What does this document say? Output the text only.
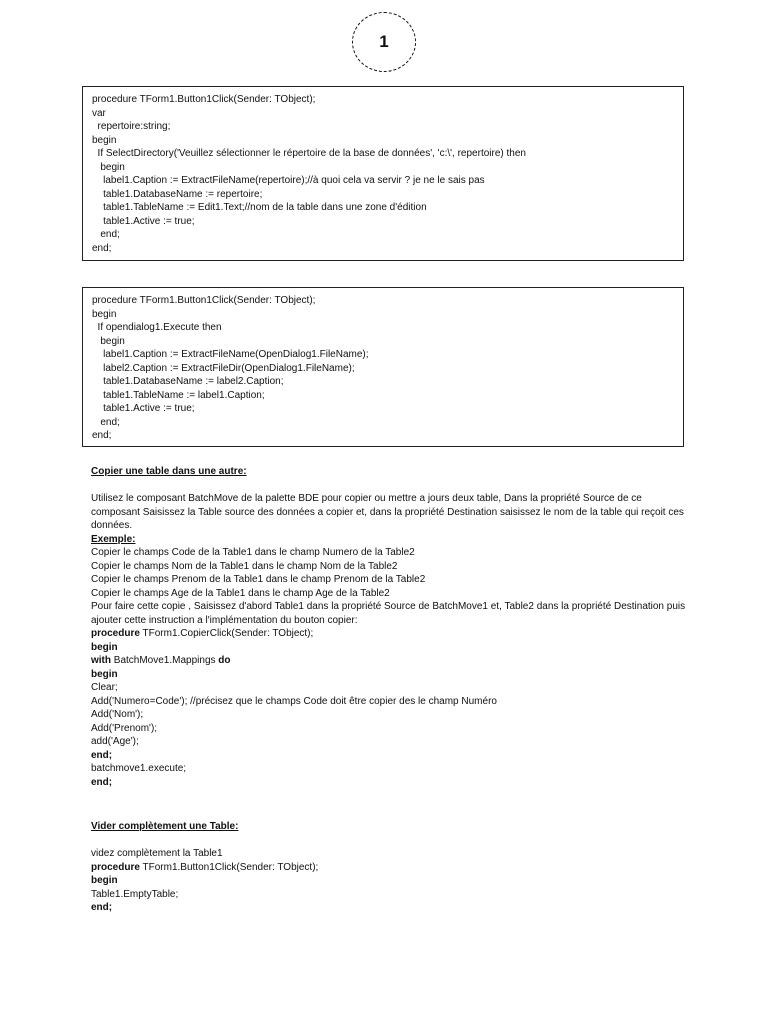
1
procedure TForm1.Button1Click(Sender: TObject);
var
repertoire:string;
begin
If SelectDirectory('Veuillez sélectionner le répertoire de la base de données', 'c:\', repertoire) then
begin
label1.Caption := ExtractFileName(repertoire);//à quoi cela va servir ? je ne le sais pas
table1.DatabaseName := repertoire;
table1.TableName := Edit1.Text;//nom de la table dans une zone d'édition
table1.Active := true;
end;
end;
procedure TForm1.Button1Click(Sender: TObject);
begin
If opendialog1.Execute then
begin
label1.Caption := ExtractFileName(OpenDialog1.FileName);
label2.Caption := ExtractFileDir(OpenDialog1.FileName);
table1.DatabaseName := label2.Caption;
table1.TableName := label1.Caption;
table1.Active := true;
end;
end;
Copier une table dans une autre:
Utilisez le composant BatchMove de la palette BDE pour copier ou mettre a jours deux table, Dans la propriété Source de ce composant Saisissez la Table source des données a copier et, dans la propriété Destination saisissez le nom de la table qui reçoit ces données.
Exemple:
Copier le champs Code de la Table1 dans le champ Numero de la Table2
Copier le champs Nom de la Table1 dans le champ Nom de la Table2
Copier le champs Prenom de la Table1 dans le champ Prenom de la Table2
Copier le champs Age de la Table1 dans le champ Age de la Table2
Pour faire cette copie , Saisissez d'abord Table1 dans la propriété Source de BatchMove1 et, Table2 dans la propriété Destination puis ajouter cette instruction a l'implémentation du bouton copier:
procedure TForm1.CopierClick(Sender: TObject);
begin
with BatchMove1.Mappings do
begin
Clear;
Add('Numero=Code'); //précisez que le champs Code doit être copier des le champ Numéro
Add('Nom');
Add('Prenom');
add('Age');
end;
batchmove1.execute;
end;
Vider complètement une Table:
videz complètement la Table1
procedure TForm1.Button1Click(Sender: TObject);
begin
Table1.EmptyTable;
end;
